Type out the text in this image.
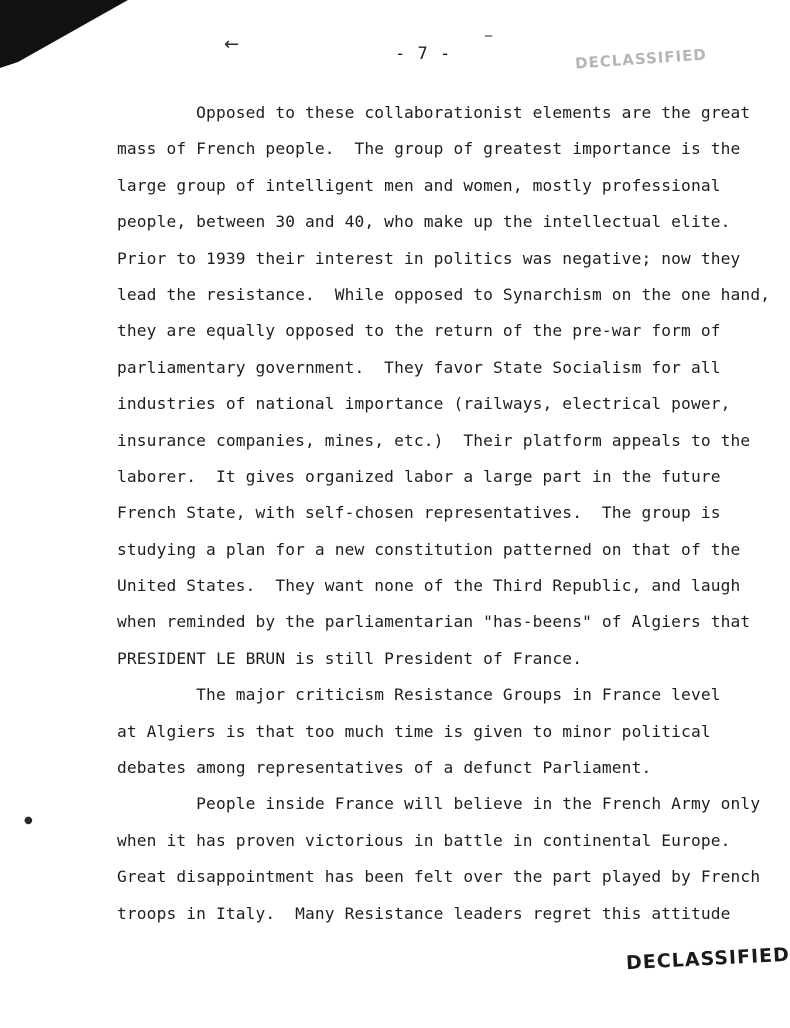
←	‒
●
- 7 -	DECLASSIFIED
Opposed to these collaborationist elements are the great
mass of French people.  The group of greatest importance is the
large group of intelligent men and women, mostly professional
people, between 30 and 40, who make up the intellectual elite.
Prior to 1939 their interest in politics was negative; now they
lead the resistance.  While opposed to Synarchism on the one hand,
they are equally opposed to the return of the pre-war form of
parliamentary government.  They favor State Socialism for all
industries of national importance (railways, electrical power,
insurance companies, mines, etc.)  Their platform appeals to the
laborer.  It gives organized labor a large part in the future
French State, with self-chosen representatives.  The group is
studying a plan for a new constitution patterned on that of the
United States.  They want none of the Third Republic, and laugh
when reminded by the parliamentarian "has-beens" of Algiers that
PRESIDENT LE BRUN is still President of France.
The major criticism Resistance Groups in France level
at Algiers is that too much time is given to minor political
debates among representatives of a defunct Parliament.
People inside France will believe in the French Army only
when it has proven victorious in battle in continental Europe.
Great disappointment has been felt over the part played by French
troops in Italy.  Many Resistance leaders regret this attitude
DECLASSIFIED
